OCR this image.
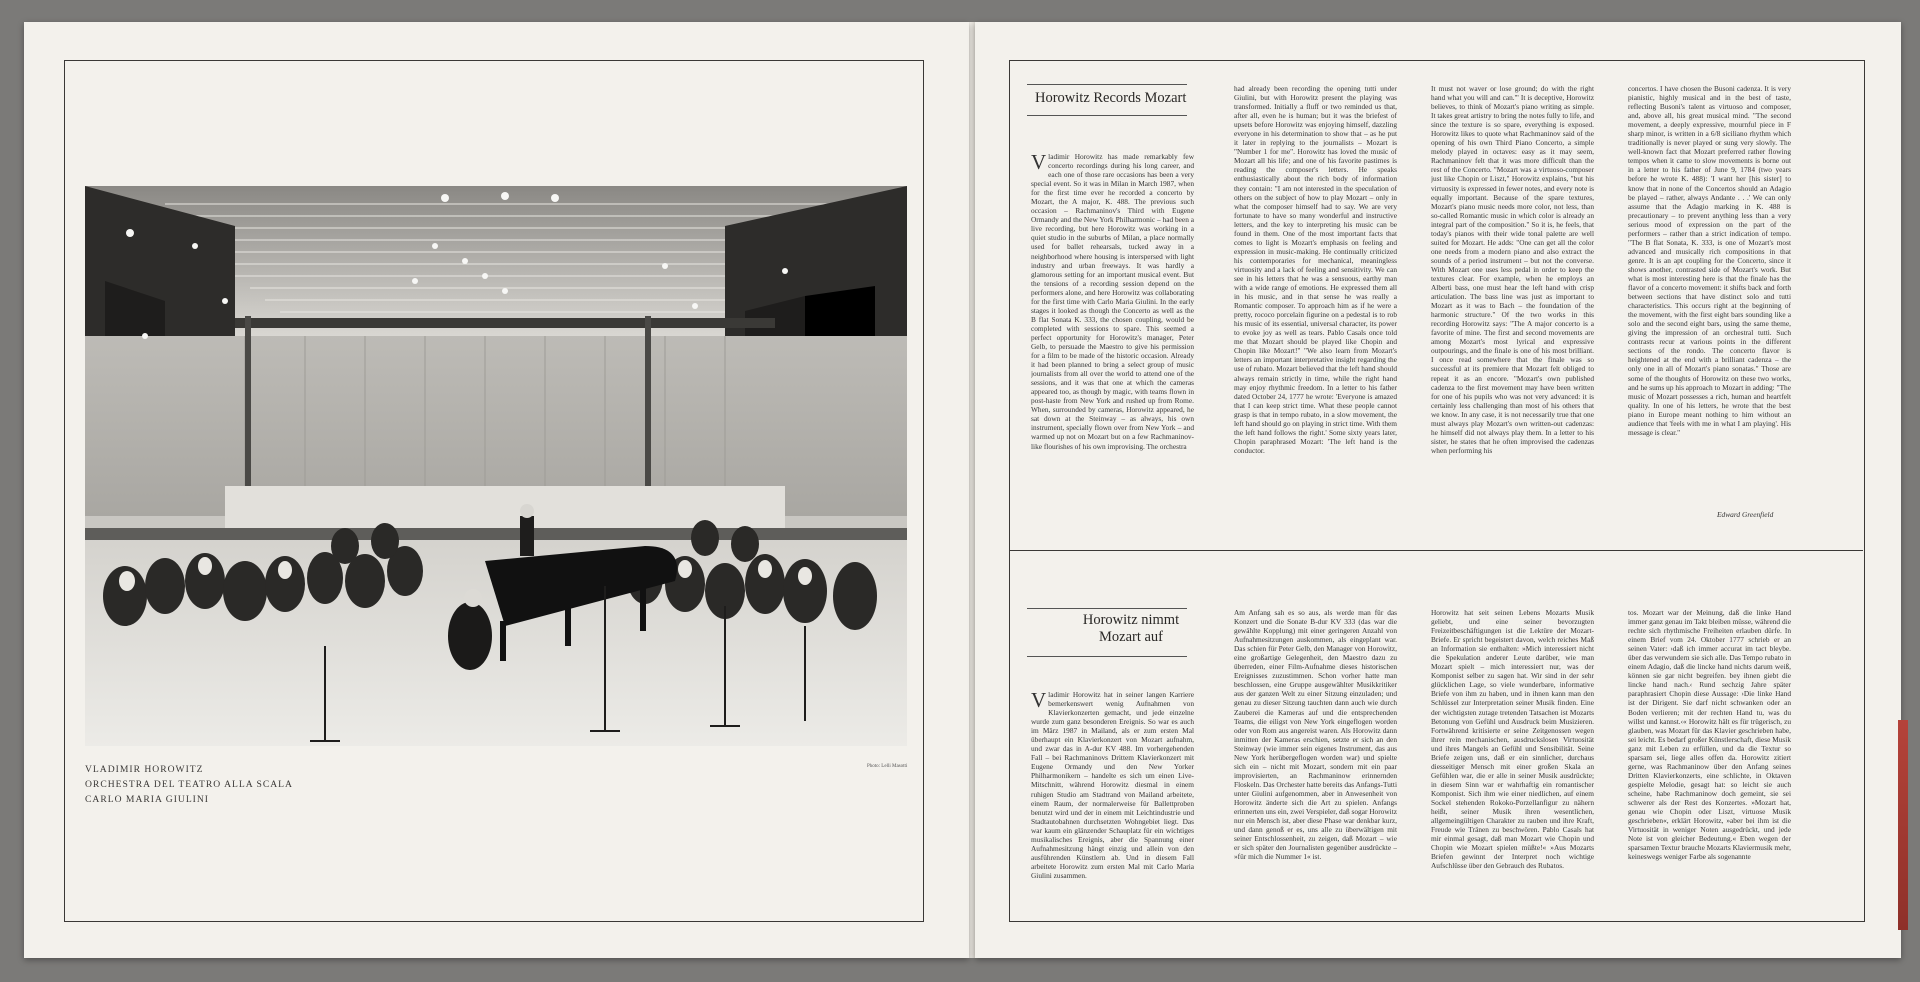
Photo: Lelli Masotti
VLADIMIR HOROWITZ
ORCHESTRA DEL TEATRO ALLA SCALA
CARLO MARIA GIULINI
Horowitz Records Mozart
Vladimir Horowitz has made remarkably few concerto recordings during his long career, and each one of those rare occasions has been a very special event. So it was in Milan in March 1987, when for the first time ever he recorded a concerto by Mozart, the A major, K. 488. The previous such occasion – Rachmaninov's Third with Eugene Ormandy and the New York Philharmonic – had been a live recording, but here Horowitz was working in a quiet studio in the suburbs of Milan, a place normally used for ballet rehearsals, tucked away in a neighborhood where housing is interspersed with light industry and urban freeways. It was hardly a glamorous setting for an important musical event. But the tensions of a recording session depend on the performers alone, and here Horowitz was collaborating for the first time with Carlo Maria Giulini. In the early stages it looked as though the Concerto as well as the B flat Sonata K. 333, the chosen coupling, would be completed with sessions to spare. This seemed a perfect opportunity for Horowitz's manager, Peter Gelb, to persuade the Maestro to give his permission for a film to be made of the historic occasion. Already it had been planned to bring a select group of music journalists from all over the world to attend one of the sessions, and it was that one at which the cameras appeared too, as though by magic, with teams flown in post-haste from New York and rushed up from Rome. When, surrounded by cameras, Horowitz appeared, he sat down at the Steinway – as always, his own instrument, specially flown over from New York – and warmed up not on Mozart but on a few Rachmaninov-like flourishes of his own improvising. The orchestra
had already been recording the opening tutti under Giulini, but with Horowitz present the playing was transformed. Initially a fluff or two reminded us that, after all, even he is human; but it was the briefest of upsets before Horowitz was enjoying himself, dazzling everyone in his determination to show that – as he put it later in replying to the journalists – Mozart is "Number 1 for me". Horowitz has loved the music of Mozart all his life; and one of his favorite pastimes is reading the composer's letters. He speaks enthusiastically about the rich body of information they contain: "I am not interested in the speculation of others on the subject of how to play Mozart – only in what the composer himself had to say. We are very fortunate to have so many wonderful and instructive letters, and the key to interpreting his music can be found in them. One of the most important facts that comes to light is Mozart's emphasis on feeling and expression in music-making. He continually criticized his contemporaries for mechanical, meaningless virtuosity and a lack of feeling and sensitivity. We can see in his letters that he was a sensuous, earthy man with a wide range of emotions. He expressed them all in his music, and in that sense he was really a Romantic composer. To approach him as if he were a pretty, rococo porcelain figurine on a pedestal is to rob his music of its essential, universal character, its power to evoke joy as well as tears. Pablo Casals once told me that Mozart should be played like Chopin and Chopin like Mozart!" "We also learn from Mozart's letters an important interpretative insight regarding the use of rubato. Mozart believed that the left hand should always remain strictly in time, while the right hand may enjoy rhythmic freedom. In a letter to his father dated October 24, 1777 he wrote: 'Everyone is amazed that I can keep strict time. What these people cannot grasp is that in tempo rubato, in a slow movement, the left hand should go on playing in strict time. With them the left hand follows the right.' Some sixty years later, Chopin paraphrased Mozart: 'The left hand is the conductor.
It must not waver or lose ground; do with the right hand what you will and can.'" It is deceptive, Horowitz believes, to think of Mozart's piano writing as simple. It takes great artistry to bring the notes fully to life, and since the texture is so spare, everything is exposed. Horowitz likes to quote what Rachmaninov said of the opening of his own Third Piano Concerto, a simple melody played in octaves: easy as it may seem, Rachmaninov felt that it was more difficult than the rest of the Concerto. "Mozart was a virtuoso-composer just like Chopin or Liszt," Horowitz explains, "but his virtuosity is expressed in fewer notes, and every note is equally important. Because of the spare textures, Mozart's piano music needs more color, not less, than so-called Romantic music in which color is already an integral part of the composition." So it is, he feels, that today's pianos with their wide tonal palette are well suited for Mozart. He adds: "One can get all the color one needs from a modern piano and also extract the sounds of a period instrument – but not the converse. With Mozart one uses less pedal in order to keep the textures clear. For example, when he employs an Alberti bass, one must hear the left hand with crisp articulation. The bass line was just as important to Mozart as it was to Bach – the foundation of the harmonic structure." Of the two works in this recording Horowitz says: "The A major concerto is a favorite of mine. The first and second movements are among Mozart's most lyrical and expressive outpourings, and the finale is one of his most brilliant. I once read somewhere that the finale was so successful at its premiere that Mozart felt obliged to repeat it as an encore. "Mozart's own published cadenza to the first movement may have been written for one of his pupils who was not very advanced: it is certainly less challenging than most of his others that we know. In any case, it is not necessarily true that one must always play Mozart's own written-out cadenzas: he himself did not always play them. In a letter to his sister, he states that he often improvised the cadenzas when performing his
concertos. I have chosen the Busoni cadenza. It is very pianistic, highly musical and in the best of taste, reflecting Busoni's talent as virtuoso and composer, and, above all, his great musical mind. "The second movement, a deeply expressive, mournful piece in F sharp minor, is written in a 6/8 siciliano rhythm which traditionally is never played or sung very slowly. The well-known fact that Mozart preferred rather flowing tempos when it came to slow movements is borne out in a letter to his father of June 9, 1784 (two years before he wrote K. 488): 'I want her [his sister] to know that in none of the Concertos should an Adagio be played – rather, always Andante . . .' We can only assume that the Adagio marking in K. 488 is precautionary – to prevent anything less than a very serious mood of expression on the part of the performers – rather than a strict indication of tempo. "The B flat Sonata, K. 333, is one of Mozart's most advanced and musically rich compositions in that genre. It is an apt coupling for the Concerto, since it shows another, contrasted side of Mozart's work. But what is most interesting here is that the finale has the flavor of a concerto movement: it shifts back and forth between sections that have distinct solo and tutti characteristics. This occurs right at the beginning of the movement, with the first eight bars sounding like a solo and the second eight bars, using the same theme, giving the impression of an orchestral tutti. Such contrasts recur at various points in the different sections of the rondo. The concerto flavor is heightened at the end with a brilliant cadenza – the only one in all of Mozart's piano sonatas." Those are some of the thoughts of Horowitz on these two works, and he sums up his approach to Mozart in adding: "The music of Mozart possesses a rich, human and heartfelt quality. In one of his letters, he wrote that the best piano in Europe meant nothing to him without an audience that 'feels with me in what I am playing'. His message is clear."
Edward Greenfield
Horowitz nimmt
Mozart auf
Vladimir Horowitz hat in seiner langen Karriere bemerkenswert wenig Aufnahmen von Klavierkonzerten gemacht, und jede einzelne wurde zum ganz besonderen Ereignis. So war es auch im März 1987 in Mailand, als er zum ersten Mal überhaupt ein Klavierkonzert von Mozart aufnahm, und zwar das in A-dur KV 488. Im vorhergehenden Fall – bei Rachmaninovs Drittem Klavierkonzert mit Eugene Ormandy und den New Yorker Philharmonikern – handelte es sich um einen Live-Mitschnitt, während Horowitz diesmal in einem ruhigen Studio am Stadtrand von Mailand arbeitete, einem Raum, der normalerweise für Ballettproben benutzt wird und der in einem mit Leichtindustrie und Stadtautobahnen durchsetzten Wohngebiet liegt. Das war kaum ein glänzender Schauplatz für ein wichtiges musikalisches Ereignis, aber die Spannung einer Aufnahmesitzung hängt einzig und allein von den ausführenden Künstlern ab. Und in diesem Fall arbeitete Horowitz zum ersten Mal mit Carlo Maria Giulini zusammen.
Am Anfang sah es so aus, als werde man für das Konzert und die Sonate B-dur KV 333 (das war die gewählte Kopplung) mit einer geringeren Anzahl von Aufnahmesitzungen auskommen, als eingeplant war. Das schien für Peter Gelb, den Manager von Horowitz, eine großartige Gelegenheit, den Maestro dazu zu überreden, einer Film-Aufnahme dieses historischen Ereignisses zuzustimmen. Schon vorher hatte man beschlossen, eine Gruppe ausgewählter Musikkritiker aus der ganzen Welt zu einer Sitzung einzuladen; und genau zu dieser Sitzung tauchten dann auch wie durch Zauberei die Kameras auf und die entsprechenden Teams, die eiligst von New York eingeflogen worden oder von Rom aus angereist waren. Als Horowitz dann inmitten der Kameras erschien, setzte er sich an den Steinway (wie immer sein eigenes Instrument, das aus New York herübergeflogen worden war) und spielte sich ein – nicht mit Mozart, sondern mit ein paar improvisierten, an Rachmaninow erinnernden Floskeln. Das Orchester hatte bereits das Anfangs-Tutti unter Giulini aufgenommen, aber in Anwesenheit von Horowitz änderte sich die Art zu spielen. Anfangs erinnerten uns ein, zwei Verspieler, daß sogar Horowitz nur ein Mensch ist, aber diese Phase war denkbar kurz, und dann genoß er es, uns alle zu überwältigen mit seiner Entschlossenheit, zu zeigen, daß Mozart – wie er sich später den Journalisten gegenüber ausdrückte – »für mich die Nummer 1« ist.
Horowitz hat seit seinen Lebens Mozarts Musik geliebt, und eine seiner bevorzugten Freizeitbeschäftigungen ist die Lektüre der Mozart-Briefe. Er spricht begeistert davon, welch reiches Maß an Information sie enthalten: »Mich interessiert nicht die Spekulation anderer Leute darüber, wie man Mozart spielt – mich interessiert nur, was der Komponist selber zu sagen hat. Wir sind in der sehr glücklichen Lage, so viele wunderbare, informative Briefe von ihm zu haben, und in ihnen kann man den Schlüssel zur Interpretation seiner Musik finden. Eine der wichtigsten zutage tretenden Tatsachen ist Mozarts Betonung von Gefühl und Ausdruck beim Musizieren. Fortwährend kritisierte er seine Zeitgenossen wegen ihrer rein mechanischen, ausdruckslosen Virtuosität und ihres Mangels an Gefühl und Sensibilität. Seine Briefe zeigen uns, daß er ein sinnlicher, durchaus diesseitiger Mensch mit einer großen Skala an Gefühlen war, die er alle in seiner Musik ausdrückte; in diesem Sinn war er wahrhaftig ein romantischer Komponist. Sich ihm wie einer niedlichen, auf einem Sockel stehenden Rokoko-Porzellanfigur zu nähern heißt, seiner Musik ihren wesentlichen, allgemeingültigen Charakter zu rauben und ihre Kraft, Freude wie Tränen zu beschwören. Pablo Casals hat mir einmal gesagt, daß man Mozart wie Chopin und Chopin wie Mozart spielen müßte!« »Aus Mozarts Briefen gewinnt der Interpret noch wichtige Aufschlüsse über den Gebrauch des Rubatos.
tos. Mozart war der Meinung, daß die linke Hand immer ganz genau im Takt bleiben müsse, während die rechte sich rhythmische Freiheiten erlauben dürfe. In einem Brief vom 24. Oktober 1777 schrieb er an seinen Vater: ›daß ich immer accurat im tact bleybe. über das verwundern sie sich alle. Das Tempo rubato in einem Adagio, daß die lincke hand nichts darum weiß, können sie gar nicht begreifen. bey ihnen giebt die lincke hand nach.‹ Rund sechzig Jahre später paraphrasiert Chopin diese Aussage: ›Die linke Hand ist der Dirigent. Sie darf nicht schwanken oder an Boden verlieren; mit der rechten Hand tu, was du willst und kannst.‹« Horowitz hält es für trügerisch, zu glauben, was Mozart für das Klavier geschrieben habe, sei leicht. Es bedarf großer Künstlerschaft, diese Musik ganz mit Leben zu erfüllen, und da die Textur so sparsam sei, liege alles offen da. Horowitz zitiert gerne, was Rachmaninow über den Anfang seines Dritten Klavierkonzerts, eine schlichte, in Oktaven gespielte Melodie, gesagt hat: so leicht sie auch scheine, habe Rachmaninow doch gemeint, sie sei schwerer als der Rest des Konzertes. »Mozart hat, genau wie Chopin oder Liszt, virtuose Musik geschrieben«, erklärt Horowitz, »aber bei ihm ist die Virtuosität in weniger Noten ausgedrückt, und jede Note ist von gleicher Bedeutung.« Eben wegen der sparsamen Textur brauche Mozarts Klaviermusik mehr, keineswegs weniger Farbe als sogenannte
